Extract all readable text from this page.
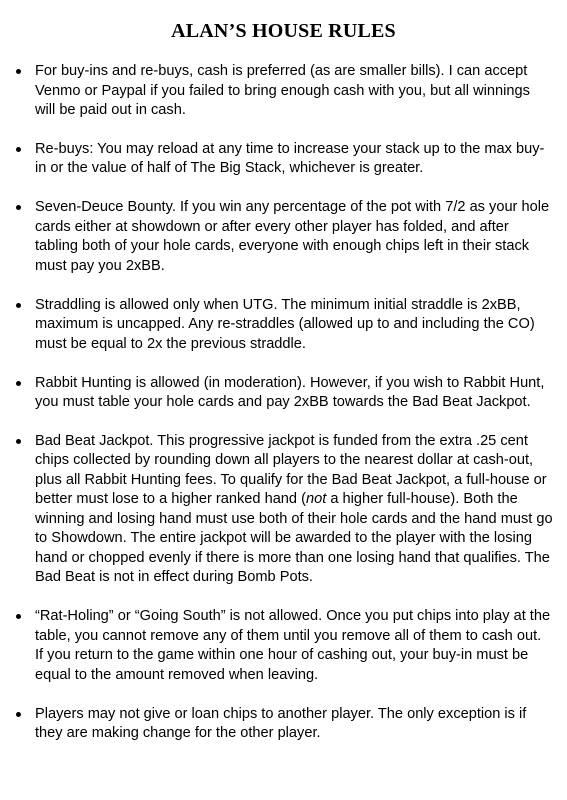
ALAN’S HOUSE RULES
For buy-ins and re-buys, cash is preferred (as are smaller bills). I can accept Venmo or Paypal if you failed to bring enough cash with you, but all winnings will be paid out in cash.
Re-buys: You may reload at any time to increase your stack up to the max buy-in or the value of half of The Big Stack, whichever is greater.
Seven-Deuce Bounty. If you win any percentage of the pot with 7/2 as your hole cards either at showdown or after every other player has folded, and after tabling both of your hole cards, everyone with enough chips left in their stack must pay you 2xBB.
Straddling is allowed only when UTG. The minimum initial straddle is 2xBB, maximum is uncapped. Any re-straddles (allowed up to and including the CO) must be equal to 2x the previous straddle.
Rabbit Hunting is allowed (in moderation). However, if you wish to Rabbit Hunt, you must table your hole cards and pay 2xBB towards the Bad Beat Jackpot.
Bad Beat Jackpot. This progressive jackpot is funded from the extra .25 cent chips collected by rounding down all players to the nearest dollar at cash-out, plus all Rabbit Hunting fees. To qualify for the Bad Beat Jackpot, a full-house or better must lose to a higher ranked hand (not a higher full-house). Both the winning and losing hand must use both of their hole cards and the hand must go to Showdown. The entire jackpot will be awarded to the player with the losing hand or chopped evenly if there is more than one losing hand that qualifies. The Bad Beat is not in effect during Bomb Pots.
“Rat-Holing” or “Going South” is not allowed. Once you put chips into play at the table, you cannot remove any of them until you remove all of them to cash out. If you return to the game within one hour of cashing out, your buy-in must be equal to the amount removed when leaving.
Players may not give or loan chips to another player. The only exception is if they are making change for the other player.
